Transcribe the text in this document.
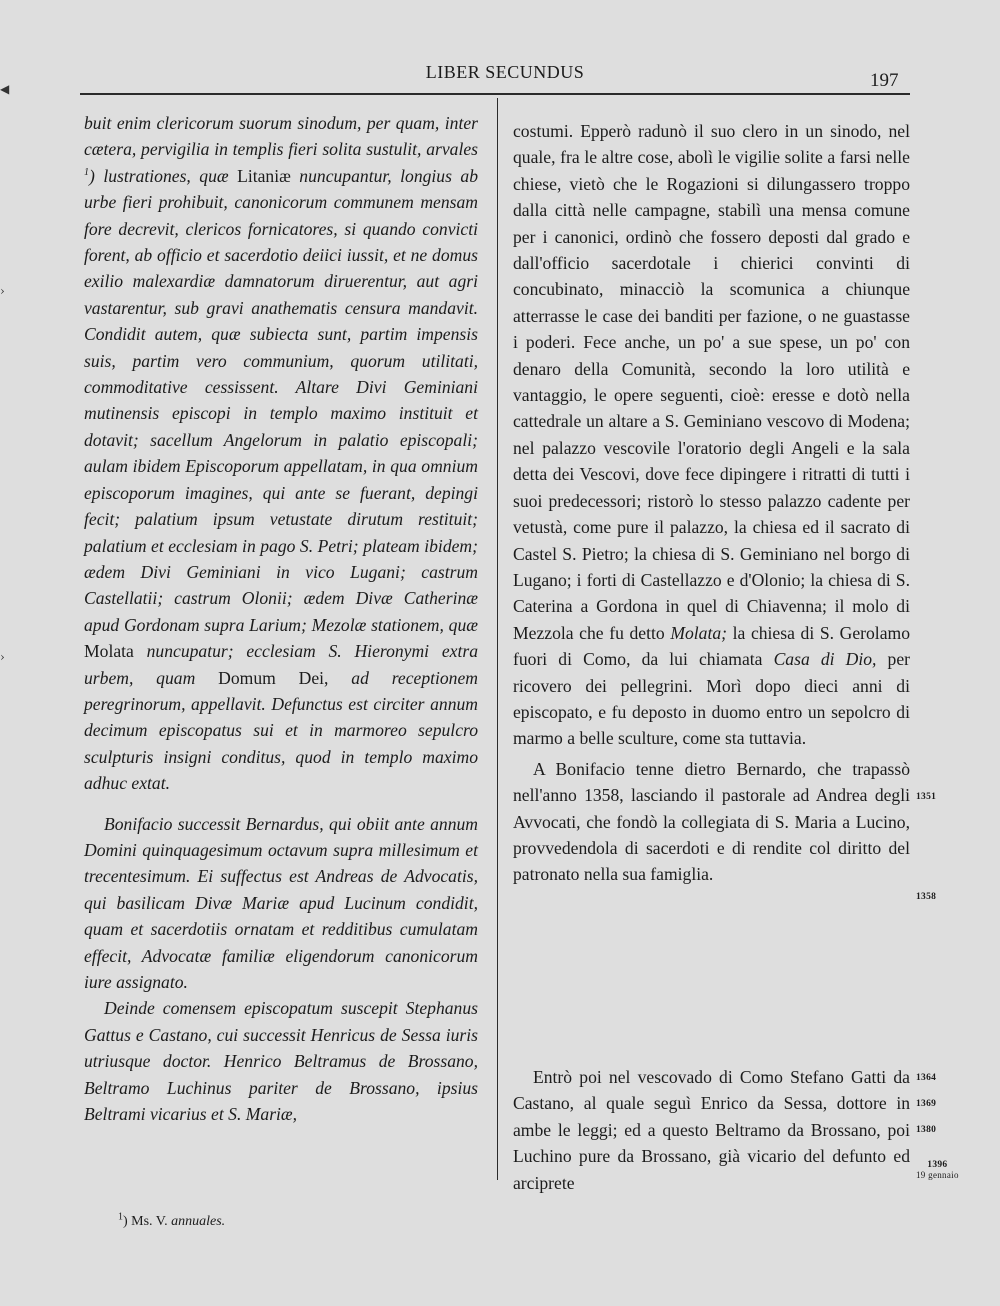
◀
›
›
LIBER SECUNDUS	197

buit enim clericorum suorum sinodum, per quam, inter cætera, pervigilia in templis fieri solita sustulit, arvales $^1$) lustrationes, quæ Litaniæ nuncupantur, longius ab urbe fieri prohibuit, canonicorum communem mensam fore decrevit, clericos fornicatores, si quando convicti forent, ab officio et sacerdotio deiici iussit, et ne domus exilio malexardiæ damnatorum diruerentur, aut agri vastarentur, sub gravi anathematis censura mandavit. Condidit autem, quæ subiecta sunt, partim impensis suis, partim vero communium, quorum utilitati, commoditative cessissent. Altare Divi Geminiani mutinensis episcopi in templo maximo instituit et dotavit; sacellum Angelorum in palatio episcopali; aulam ibidem Episcoporum appellatam, in qua omnium episcoporum imagines, qui ante se fuerant, depingi fecit; palatium ipsum vetustate dirutum restituit; palatium et ecclesiam in pago S. Petri; plateam ibidem; ædem Divi Geminiani in vico Lugani; castrum Castellatii; castrum Olonii; ædem Divæ Catherinæ apud Gordonam supra Larium; Mezolæ stationem, quæ Molata nuncupatur; ecclesiam S. Hieronymi extra urbem, quam Domum Dei, ad receptionem peregrinorum, appellavit. Defunctus est circiter annum decimum episcopatus sui et in marmoreo sepulcro sculpturis insigni conditus, quod in templo maximo adhuc extat.

Bonifacio successit Bernardus, qui obiit ante annum Domini quinquagesimum octavum supra millesimum et trecentesimum. Ei suffectus est Andreas de Advocatis, qui basilicam Divæ Mariæ apud Lucinum condidit, quam et sacerdotiis ornatam et redditibus cumulatam effecit, Advocatæ familiæ eligendorum canonicorum iure assignato.

Deinde comensem episcopatum suscepit Stephanus Gattus e Castano, cui successit Henricus de Sessa iuris utriusque doctor. Henrico Beltramus de Brossano, Beltramo Luchinus pariter de Brossano, ipsius Beltrami vicarius et S. Mariæ,

costumi. Epperò radunò il suo clero in un sinodo, nel quale, fra le altre cose, abolì le vigilie solite a farsi nelle chiese, vietò che le Rogazioni si dilungassero troppo dalla città nelle campagne, stabilì una mensa comune per i canonici, ordinò che fossero deposti dal grado e dall'officio sacerdotale i chierici convinti di concubinato, minacciò la scomunica a chiunque atterrasse le case dei banditi per fazione, o ne guastasse i poderi. Fece anche, un po' a sue spese, un po' con denaro della Comunità, secondo la loro utilità e vantaggio, le opere seguenti, cioè: eresse e dotò nella cattedrale un altare a S. Geminiano vescovo di Modena; nel palazzo vescovile l'oratorio degli Angeli e la sala detta dei Vescovi, dove fece dipingere i ritratti di tutti i suoi predecessori; ristorò lo stesso palazzo cadente per vetustà, come pure il palazzo, la chiesa ed il sacrato di Castel S. Pietro; la chiesa di S. Geminiano nel borgo di Lugano; i forti di Castellazzo e d'Olonio; la chiesa di S. Caterina a Gordona in quel di Chiavenna; il molo di Mezzola che fu detto Molata; la chiesa di S. Gerolamo fuori di Como, da lui chiamata Casa di Dio, per ricovero dei pellegrini. Morì dopo dieci anni di episcopato, e fu deposto in duomo entro un sepolcro di marmo a belle sculture, come sta tuttavia.

A Bonifacio tenne dietro Bernardo, che trapassò nell'anno 1358, lasciando il pastorale ad Andrea degli Avvocati, che fondò la collegiata di S. Maria a Lucino, provvedendola di sacerdoti e di rendite col diritto del patronato nella sua famiglia.

Entrò poi nel vescovado di Como Stefano Gatti da Castano, al quale seguì Enrico da Sessa, dottore in ambe le leggi; ed a questo Beltramo da Brossano, poi Luchino pure da Brossano, già vicario del defunto ed arciprete

1351
1358
1364
1369
1380
1396
19 gennaio
$^1$) Ms. V. annuales.
